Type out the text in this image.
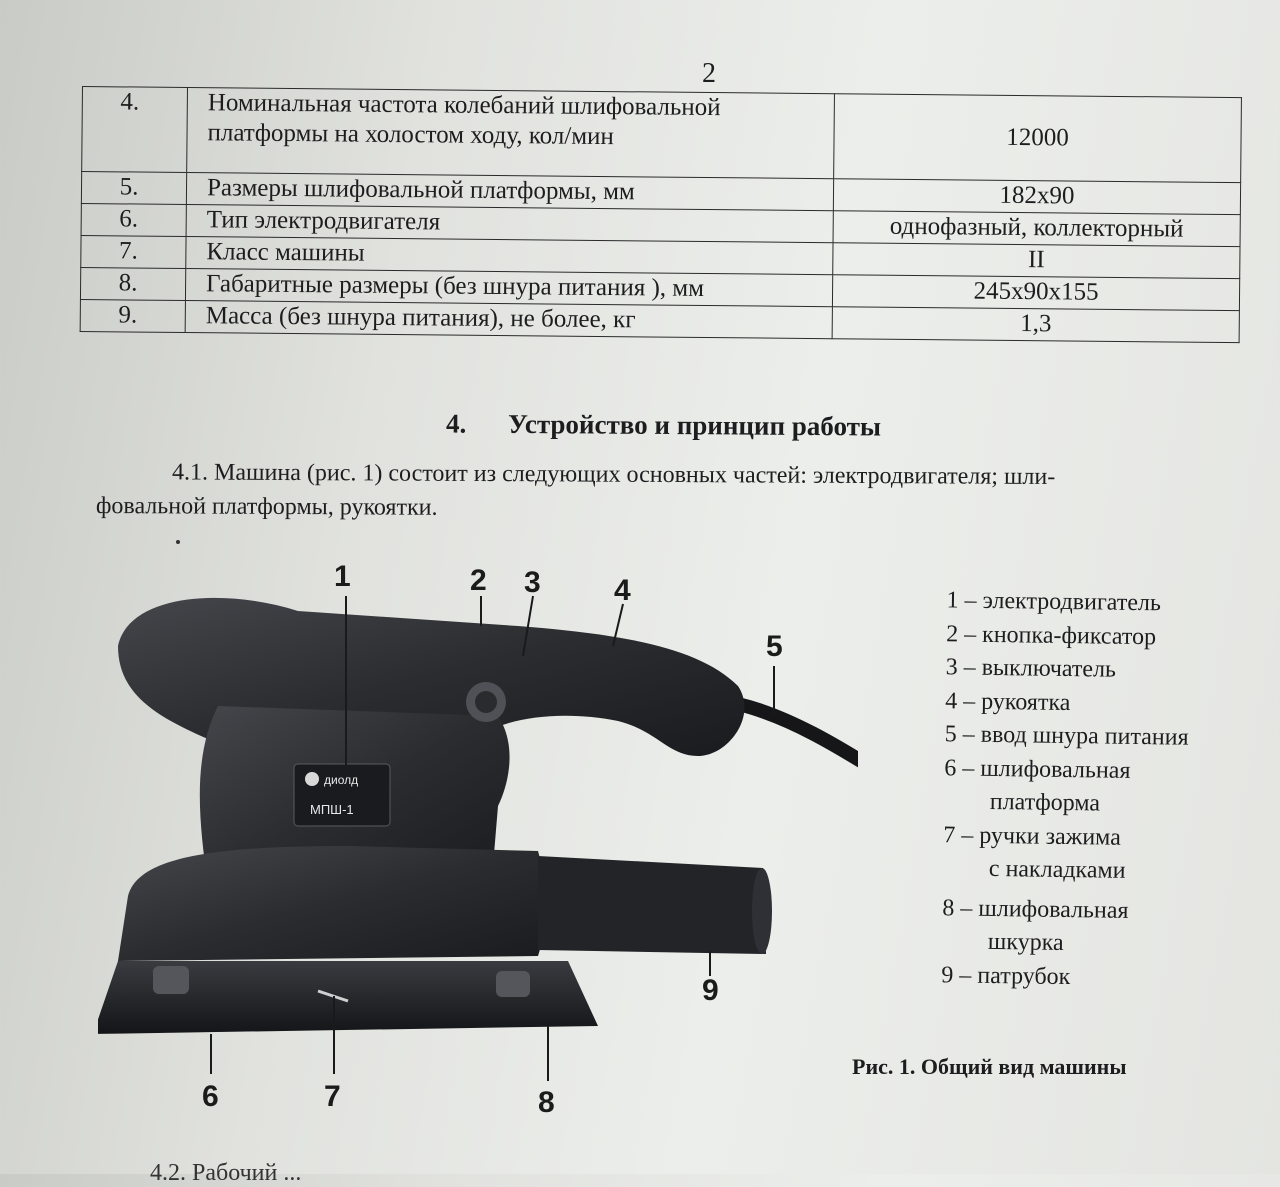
2
4.	Номинальная частота колебаний шлифовальной
платформы на холостом ходу, кол/мин	12000
5.	Размеры шлифовальной платформы, мм	182x90
6.	Тип электродвигателя	однофазный, коллекторный
7.	Класс машины	II
8.	Габаритные размеры (без шнура питания ), мм	245x90x155
9.	Масса (без шнура питания), не более, кг	1,3
4. Устройство и принцип работы
4.1. Машина (рис. 1) состоит из следующих основных частей: электродвигателя; шли-
фовальной платформы, рукоятки.
диолд
МПШ-1
1	2 3 4
5
6	7	8
9
1 – электродвигатель
2 – кнопка-фиксатор
3 – выключатель
4 – рукоятка
5 – ввод шнура питания
6 – шлифовальная
платформа
7 – ручки зажима
с накладками
8 – шлифовальная
шкурка
9 – патрубок
Рис. 1. Общий вид машины
4.2. Рабочий ...
